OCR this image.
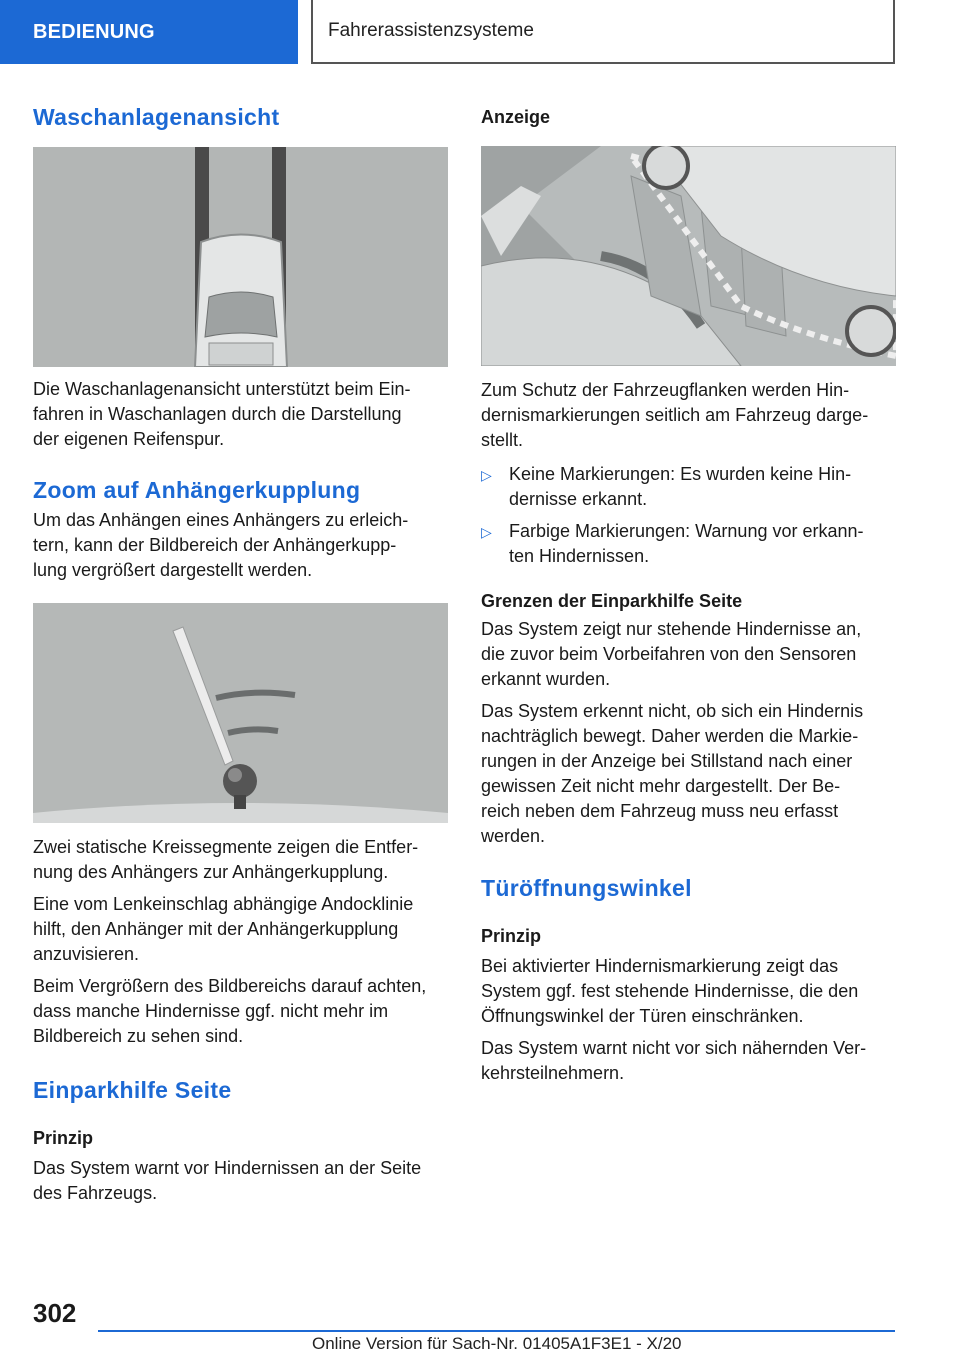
BEDIENUNG	Fahrerassistenzsysteme
Waschanlagenansicht

Die Waschanlagenansicht unterstützt beim Ein-
fahren in Waschanlagen durch die Darstellung
der eigenen Reifenspur.

Zoom auf Anhängerkupplung

Um das Anhängen eines Anhängers zu erleich-
tern, kann der Bildbereich der Anhängerkupp-
lung vergrößert dargestellt werden.

Zwei statische Kreissegmente zeigen die Entfer-
nung des Anhängers zur Anhängerkupplung.

Eine vom Lenkeinschlag abhängige Andocklinie
hilft, den Anhänger mit der Anhängerkupplung
anzuvisieren.

Beim Vergrößern des Bildbereichs darauf achten,
dass manche Hindernisse ggf. nicht mehr im
Bildbereich zu sehen sind.

Einparkhilfe Seite
Prinzip

Das System warnt vor Hindernissen an der Seite
des Fahrzeugs.

Anzeige

Zum Schutz der Fahrzeugflanken werden Hin-
dernismarkierungen seitlich am Fahrzeug darge-
stellt.

▷ Keine Markierungen: Es wurden keine Hin-
dernisse erkannt.
▷ Farbige Markierungen: Warnung vor erkann-
ten Hindernissen.
Grenzen der Einparkhilfe Seite

Das System zeigt nur stehende Hindernisse an,
die zuvor beim Vorbeifahren von den Sensoren
erkannt wurden.

Das System erkennt nicht, ob sich ein Hindernis
nachträglich bewegt. Daher werden die Markie-
rungen in der Anzeige bei Stillstand nach einer
gewissen Zeit nicht mehr dargestellt. Der Be-
reich neben dem Fahrzeug muss neu erfasst
werden.

Türöffnungswinkel
Prinzip

Bei aktivierter Hindernismarkierung zeigt das
System ggf. fest stehende Hindernisse, die den
Öffnungswinkel der Türen einschränken.

Das System warnt nicht vor sich nähernden Ver-
kehrsteilnehmern.

302
Online Version für Sach-Nr. 01405A1F3E1 - X/20
